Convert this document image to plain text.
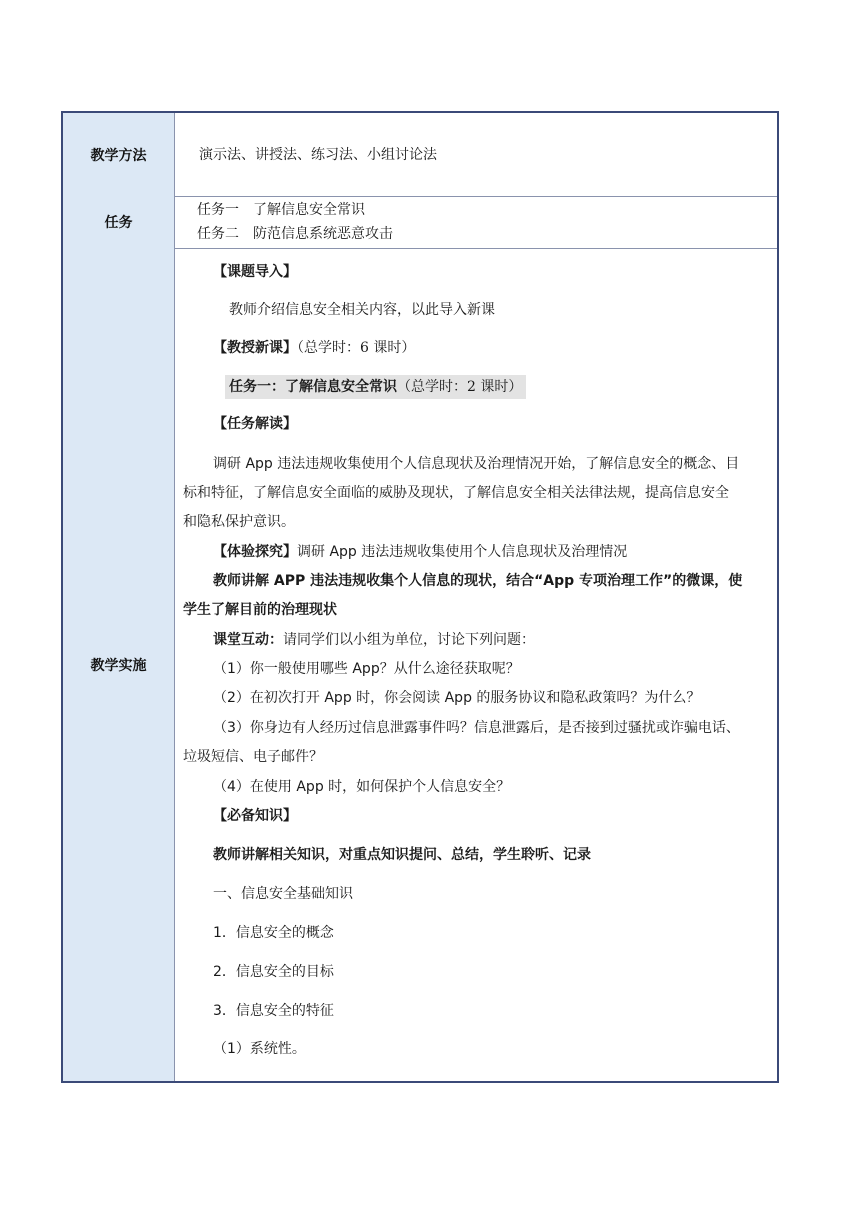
教学方法	演示法、讲授法、练习法、小组讨论法
任务
任务一　了解信息安全常识
任务二　防范信息系统恶意攻击
教学实施
【课题导入】
教师介绍信息安全相关内容，以此导入新课
【教授新课】（总学时：6 课时）
任务一：了解信息安全常识（总学时：2 课时）
【任务解读】
调研 App 违法违规收集使用个人信息现状及治理情况开始，了解信息安全的概念、目
标和特征，了解信息安全面临的威胁及现状，了解信息安全相关法律法规，提高信息安全
和隐私保护意识。
【体验探究】调研 App 违法违规收集使用个人信息现状及治理情况
教师讲解 APP 违法违规收集个人信息的现状，结合“App 专项治理工作”的微课，使
学生了解目前的治理现状
课堂互动：请同学们以小组为单位，讨论下列问题：
（1）你一般使用哪些 App？从什么途径获取呢？
（2）在初次打开 App 时，你会阅读 App 的服务协议和隐私政策吗？为什么？
（3）你身边有人经历过信息泄露事件吗？信息泄露后，是否接到过骚扰或诈骗电话、
垃圾短信、电子邮件？
（4）在使用 App 时，如何保护个人信息安全？
【必备知识】
教师讲解相关知识，对重点知识提问、总结，学生聆听、记录
一、信息安全基础知识
1．信息安全的概念
2．信息安全的目标
3．信息安全的特征
（1）系统性。
